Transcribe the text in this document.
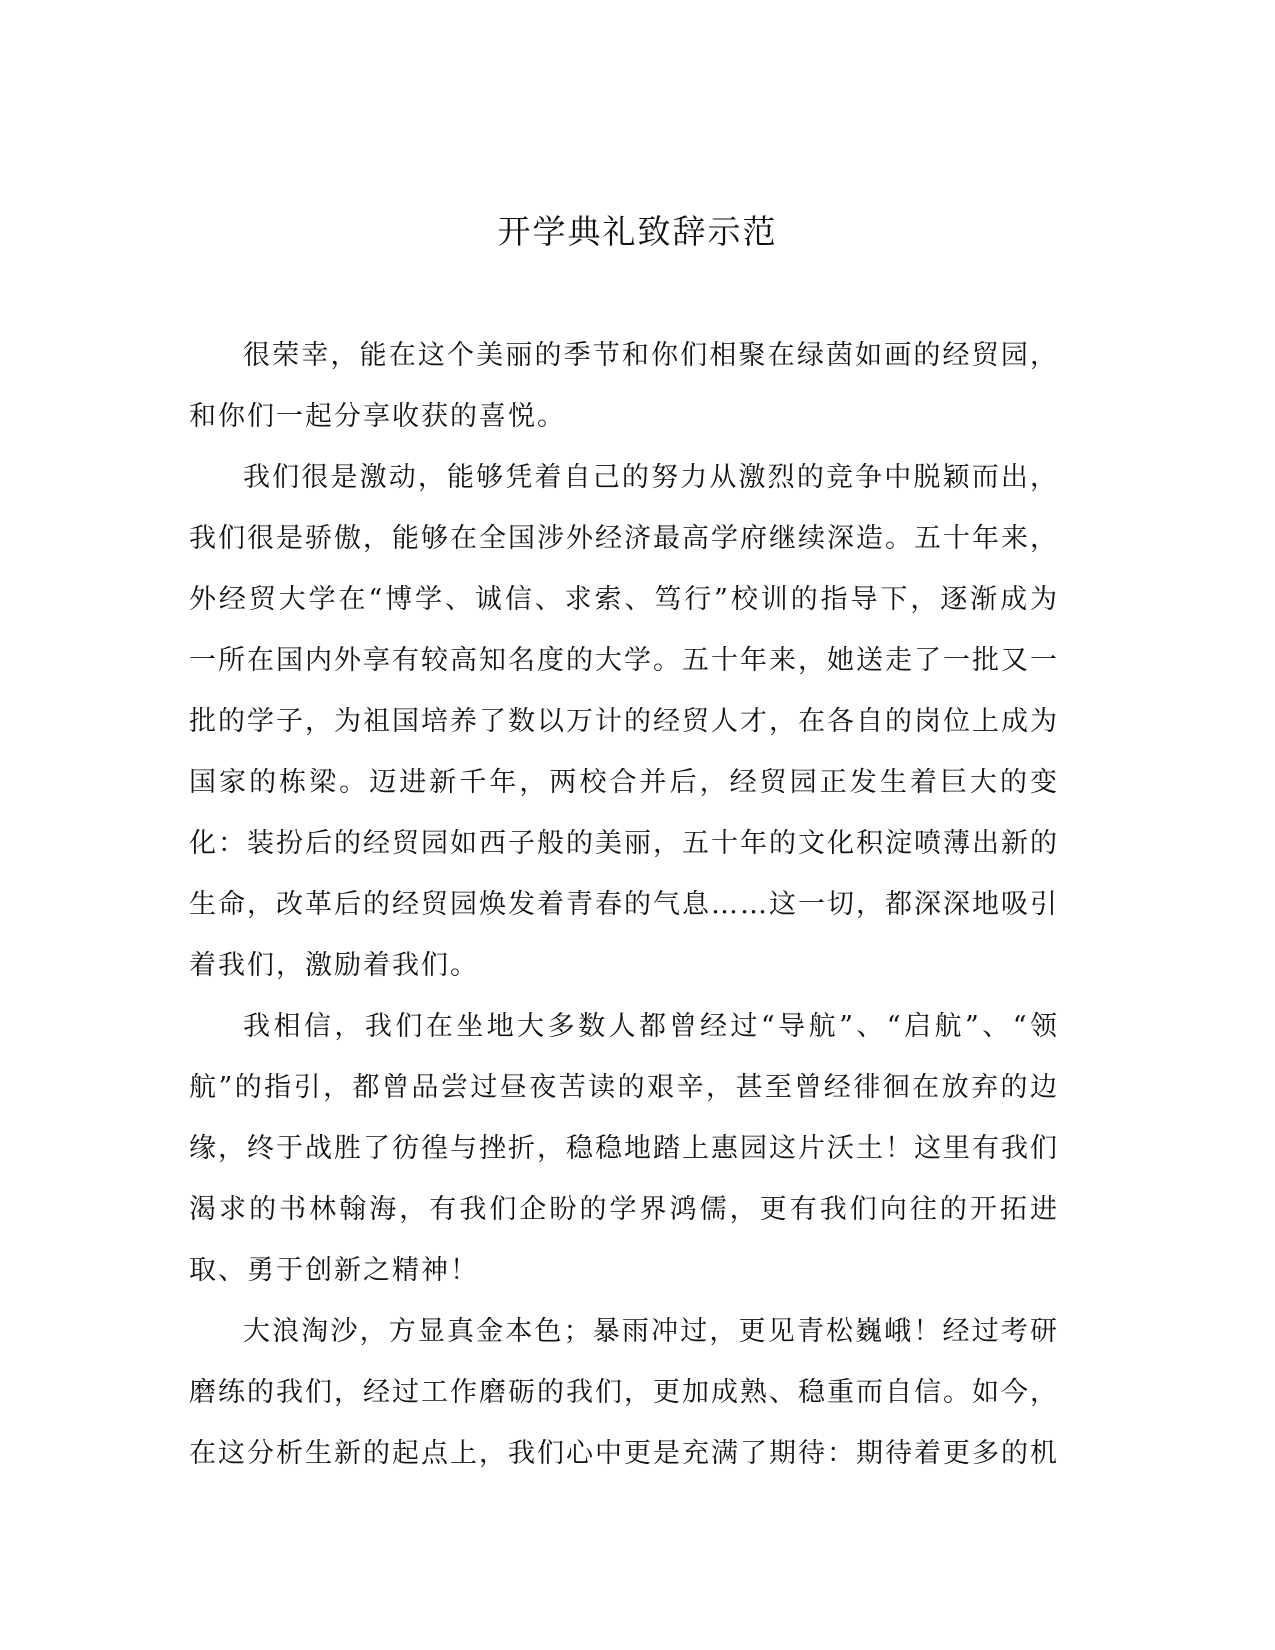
开学典礼致辞示范

很荣幸，能在这个美丽的季节和你们相聚在绿茵如画的经贸园，和你们一起分享收获的喜悦。

我们很是激动，能够凭着自己的努力从激烈的竞争中脱颖而出，我们很是骄傲，能够在全国涉外经济最高学府继续深造。五十年来，外经贸大学在“博学、诚信、求索、笃行”校训的指导下，逐渐成为一所在国内外享有较高知名度的大学。五十年来，她送走了一批又一批的学子，为祖国培养了数以万计的经贸人才，在各自的岗位上成为国家的栋梁。迈进新千年，两校合并后，经贸园正发生着巨大的变化：装扮后的经贸园如西子般的美丽，五十年的文化积淀喷薄出新的生命，改革后的经贸园焕发着青春的气息……这一切，都深深地吸引着我们，激励着我们。

我相信，我们在坐地大多数人都曾经过“导航”、“启航”、“领航”的指引，都曾品尝过昼夜苦读的艰辛，甚至曾经徘徊在放弃的边缘，终于战胜了彷徨与挫折，稳稳地踏上惠园这片沃土！这里有我们渴求的书林翰海，有我们企盼的学界鸿儒，更有我们向往的开拓进取、勇于创新之精神！

大浪淘沙，方显真金本色；暴雨冲过，更见青松巍峨！经过考研磨练的我们，经过工作磨砺的我们，更加成熟、稳重而自信。如今，在这分析生新的起点上，我们心中更是充满了期待：期待着更多的机
